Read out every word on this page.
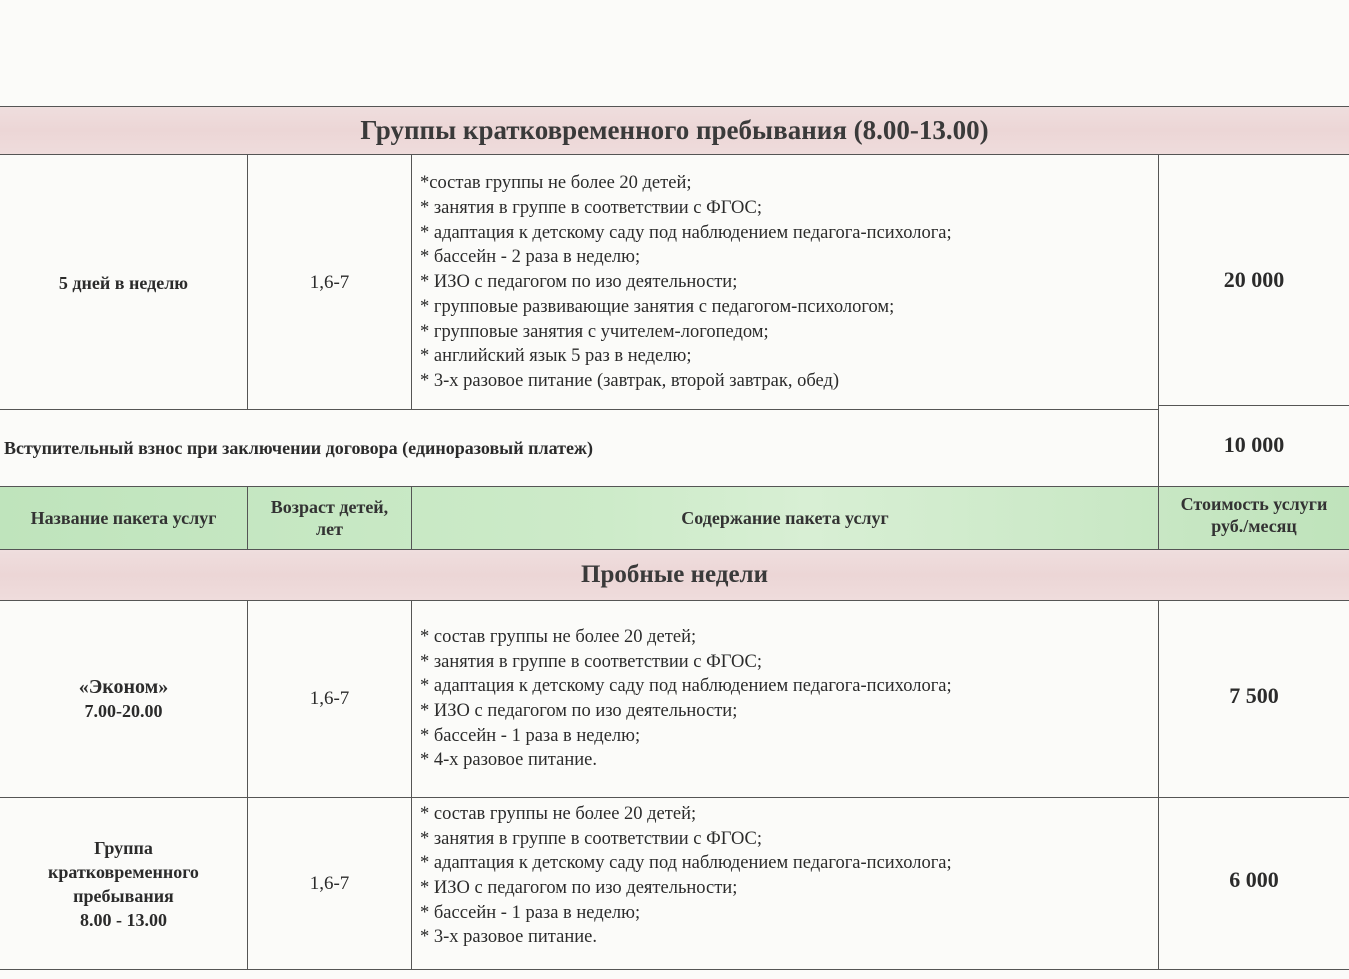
Группы кратковременного пребывания (8.00-13.00)
5 дней в неделю	1,6-7
*состав группы не более 20 детей;
* занятия в группе в соответствии с ФГОС;
* адаптация к детскому саду под наблюдением педагога-психолога;
* бассейн - 2 раза в неделю;
* ИЗО с педагогом по изо деятельности;
* групповые развивающие занятия с педагогом-психологом;
* групповые занятия с учителем-логопедом;
* английский язык 5 раз в неделю;
* 3-х разовое питание (завтрак, второй завтрак, обед)
20 000
Вступительный взнос при заключении договора (единоразовый платеж)	10 000
Название пакета услуг
Возраст детей,
лет
Содержание пакета услуг
Стоимость услуги
руб./месяц
Пробные недели
«Эконом»
7.00-20.00
1,6-7
* состав группы не более 20 детей;
* занятия в группе в соответствии с ФГОС;
* адаптация к детскому саду под наблюдением педагога-психолога;
* ИЗО с педагогом по изо деятельности;
* бассейн - 1 раза в неделю;
* 4-х разовое питание.
7 500
Группа
кратковременного
пребывания
8.00 - 13.00
1,6-7
* состав группы не более 20 детей;
* занятия в группе в соответствии с ФГОС;
* адаптация к детскому саду под наблюдением педагога-психолога;
* ИЗО с педагогом по изо деятельности;
* бассейн - 1 раза в неделю;
* 3-х разовое питание.
6 000
